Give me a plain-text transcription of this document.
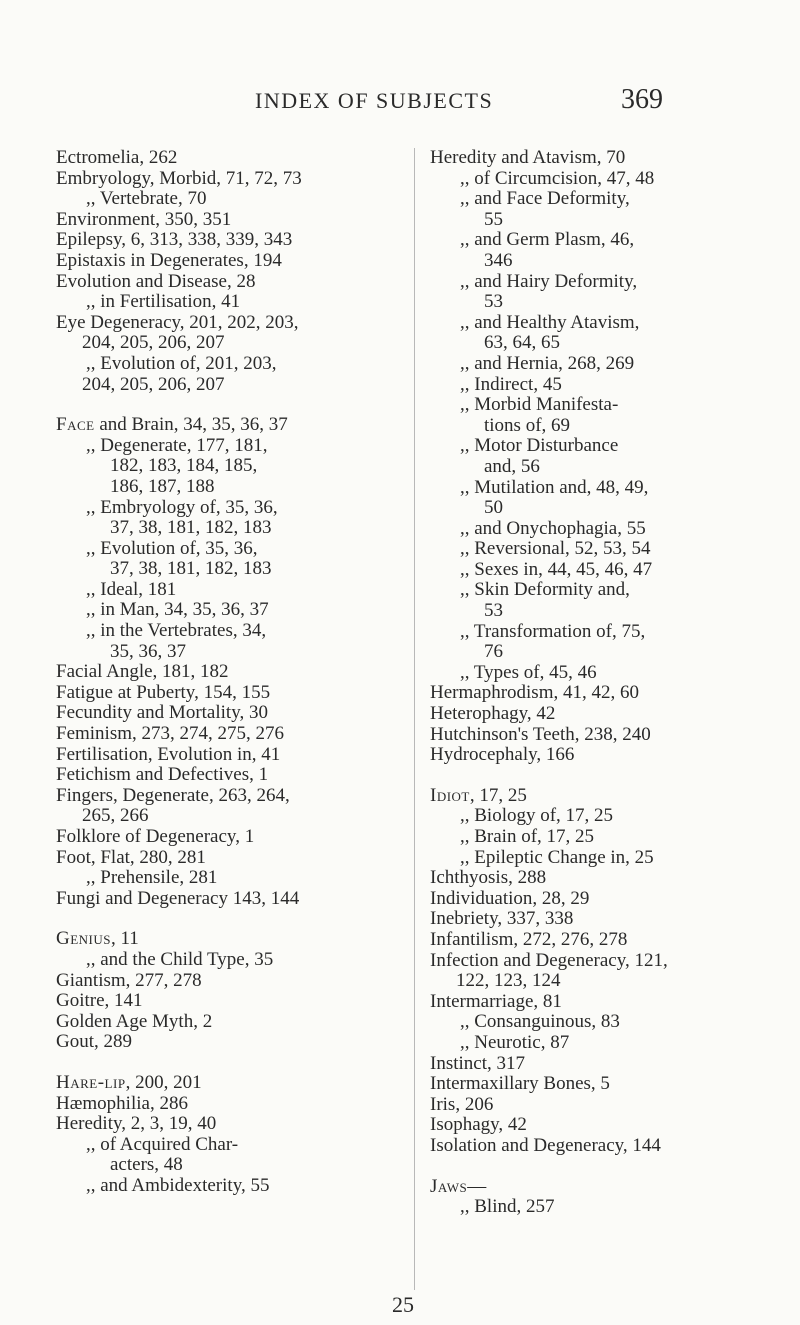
INDEX OF SUBJECTS	369
Ectromelia, 262
Embryology, Morbid, 71, 72, 73
,, Vertebrate, 70
Environment, 350, 351
Epilepsy, 6, 313, 338, 339, 343
Epistaxis in Degenerates, 194
Evolution and Disease, 28
,, in Fertilisation, 41
Eye Degeneracy, 201, 202, 203,
204, 205, 206, 207
,, Evolution of, 201, 203,
204, 205, 206, 207
Face and Brain, 34, 35, 36, 37
,, Degenerate, 177, 181,
182, 183, 184, 185,
186, 187, 188
,, Embryology of, 35, 36,
37, 38, 181, 182, 183
,, Evolution of, 35, 36,
37, 38, 181, 182, 183
,, Ideal, 181
,, in Man, 34, 35, 36, 37
,, in the Vertebrates, 34,
35, 36, 37
Facial Angle, 181, 182
Fatigue at Puberty, 154, 155
Fecundity and Mortality, 30
Feminism, 273, 274, 275, 276
Fertilisation, Evolution in, 41
Fetichism and Defectives, 1
Fingers, Degenerate, 263, 264,
265, 266
Folklore of Degeneracy, 1
Foot, Flat, 280, 281
,, Prehensile, 281
Fungi and Degeneracy 143, 144
Genius, 11
,, and the Child Type, 35
Giantism, 277, 278
Goitre, 141
Golden Age Myth, 2
Gout, 289
Hare-lip, 200, 201
Hæmophilia, 286
Heredity, 2, 3, 19, 40
,, of Acquired Char-
acters, 48
,, and Ambidexterity, 55
Heredity and Atavism, 70
,, of Circumcision, 47, 48
,, and Face Deformity,
55
,, and Germ Plasm, 46,
346
,, and Hairy Deformity,
53
,, and Healthy Atavism,
63, 64, 65
,, and Hernia, 268, 269
,, Indirect, 45
,, Morbid Manifesta-
tions of, 69
,, Motor Disturbance
and, 56
,, Mutilation and, 48, 49,
50
,, and Onychophagia, 55
,, Reversional, 52, 53, 54
,, Sexes in, 44, 45, 46, 47
,, Skin Deformity and,
53
,, Transformation of, 75,
76
,, Types of, 45, 46
Hermaphrodism, 41, 42, 60
Heterophagy, 42
Hutchinson's Teeth, 238, 240
Hydrocephaly, 166
Idiot, 17, 25
,, Biology of, 17, 25
,, Brain of, 17, 25
,, Epileptic Change in, 25
Ichthyosis, 288
Individuation, 28, 29
Inebriety, 337, 338
Infantilism, 272, 276, 278
Infection and Degeneracy, 121,
122, 123, 124
Intermarriage, 81
,, Consanguinous, 83
,, Neurotic, 87
Instinct, 317
Intermaxillary Bones, 5
Iris, 206
Isophagy, 42
Isolation and Degeneracy, 144
Jaws—
,, Blind, 257
25
